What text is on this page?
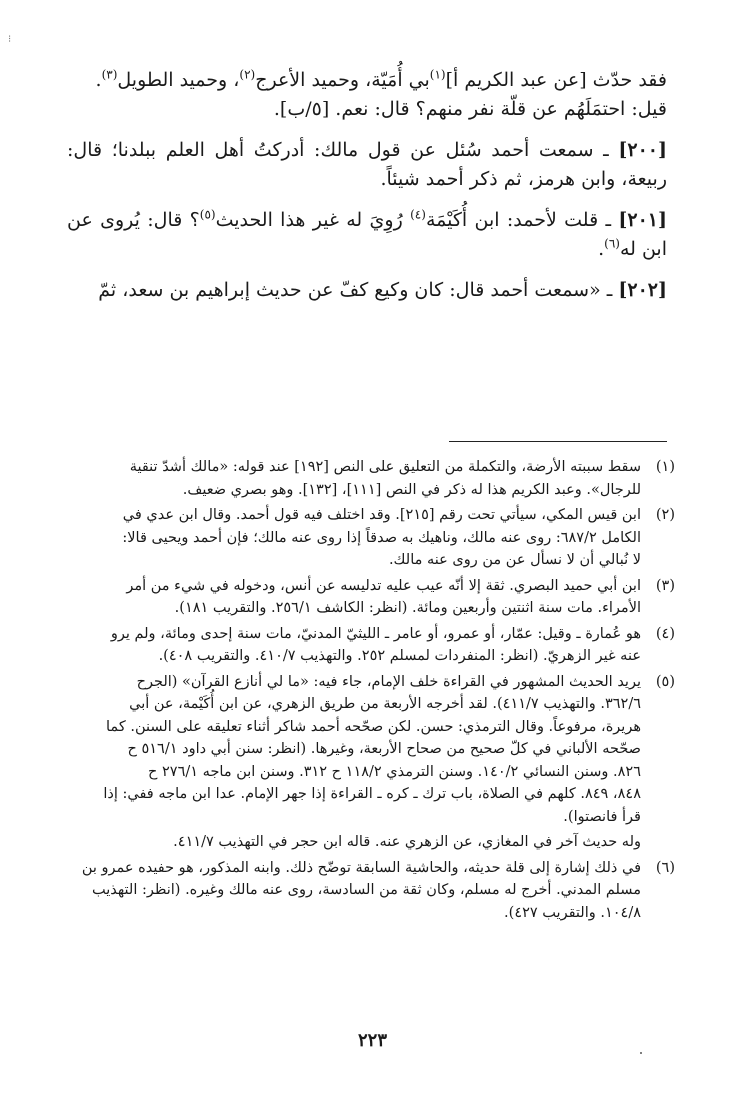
⁝

فقد حدّث [عن عبد الكريم أ]$^{(١)}$بي أُمَيّة، وحميد الأعرج$^{(٢)}$، وحميد الطويل$^{(٣)}$.
قيل: احتمَلَهُم عن قلّة نفر منهم؟ قال: نعم. [٥/ب].

[٢٠٠] ـ سمعت أحمد سُئل عن قول مالك: أدركتُ أهل العلم ببلدنا؛ قال: ربيعة، وابن هرمز، ثم ذكر أحمد شيئاً.

[٢٠١] ـ قلت لأحمد: ابن أُكَيْمَة$^{(٤)}$ رُوِيَ له غير هذا الحديث$^{(٥)}$؟ قال: يُروى عن ابن له$^{(٦)}$.

[٢٠٢] ـ «سمعت أحمد قال: كان وكيع كفّ عن حديث إبراهيم بن سعد، ثمّ

(١)
سقط سببته الأرضة، والتكملة من التعليق على النص [١٩٢] عند قوله: «مالك أشدّ تنقية
للرجال». وعبد الكريم هذا له ذكر في النص [١١١]، [١٣٢]. وهو بصري ضعيف.
(٢)
ابن قيس المكي، سيأتي تحت رقم [٢١٥]. وقد اختلف فيه قول أحمد. وقال ابن عدي في
الكامل ٦٨٧/٢: روى عنه مالك، وناهيك به صدقاً إذا روى عنه مالك؛ فإن أحمد ويحيى قالا:
لا نُبالي أن لا نسأل عن من روى عنه مالك.
(٣)
ابن أبي حميد البصري. ثقة إلا أنّه عيب عليه تدليسه عن أنس، ودخوله في شيء من أمر
الأمراء. مات سنة اثنتين وأربعين ومائة. (انظر: الكاشف ٢٥٦/١. والتقريب ١٨١).
(٤)
هو عُمارة ـ وقيل: عمّار، أو عمرو، أو عامر ـ الليثيّ المدنيّ، مات سنة إحدى ومائة، ولم يرو
عنه غير الزهريّ. (انظر: المنفردات لمسلم ٢٥٢. والتهذيب ٤١٠/٧. والتقريب ٤٠٨).
(٥)
يريد الحديث المشهور في القراءة خلف الإمام، جاء فيه: «ما لي أنازع القرآن» (الجرح
٣٦٢/٦. والتهذيب ٤١١/٧). لقد أخرجه الأربعة من طريق الزهري، عن ابن أُكَيْمة، عن أبي
هريرة، مرفوعاً. وقال الترمذي: حسن. لكن صحّحه أحمد شاكر أثناء تعليقه على السنن. كما
صحّحه الألباني في كلّ صحيح من صحاح الأربعة، وغيرها. (انظر: سنن أبي داود ٥١٦/١ ح
٨٢٦. وسنن النسائي ١٤٠/٢. وسنن الترمذي ١١٨/٢ ح ٣١٢. وسنن ابن ماجه ٢٧٦/١ ح
٨٤٨، ٨٤٩. كلهم في الصلاة، باب ترك ـ كره ـ القراءة إذا جهر الإمام. عدا ابن ماجه ففي: إذا
قرأ فانصتوا).
وله حديث آخر في المغازي، عن الزهري عنه. قاله ابن حجر في التهذيب ٤١١/٧.
(٦)
في ذلك إشارة إلى قلة حديثه، والحاشية السابقة توضّح ذلك. وابنه المذكور، هو حفيده عمرو بن
مسلم المدني. أخرج له مسلم، وكان ثقة من السادسة، روى عنه مالك وغيره. (انظر: التهذيب
١٠٤/٨. والتقريب ٤٢٧).
٢٢٣
